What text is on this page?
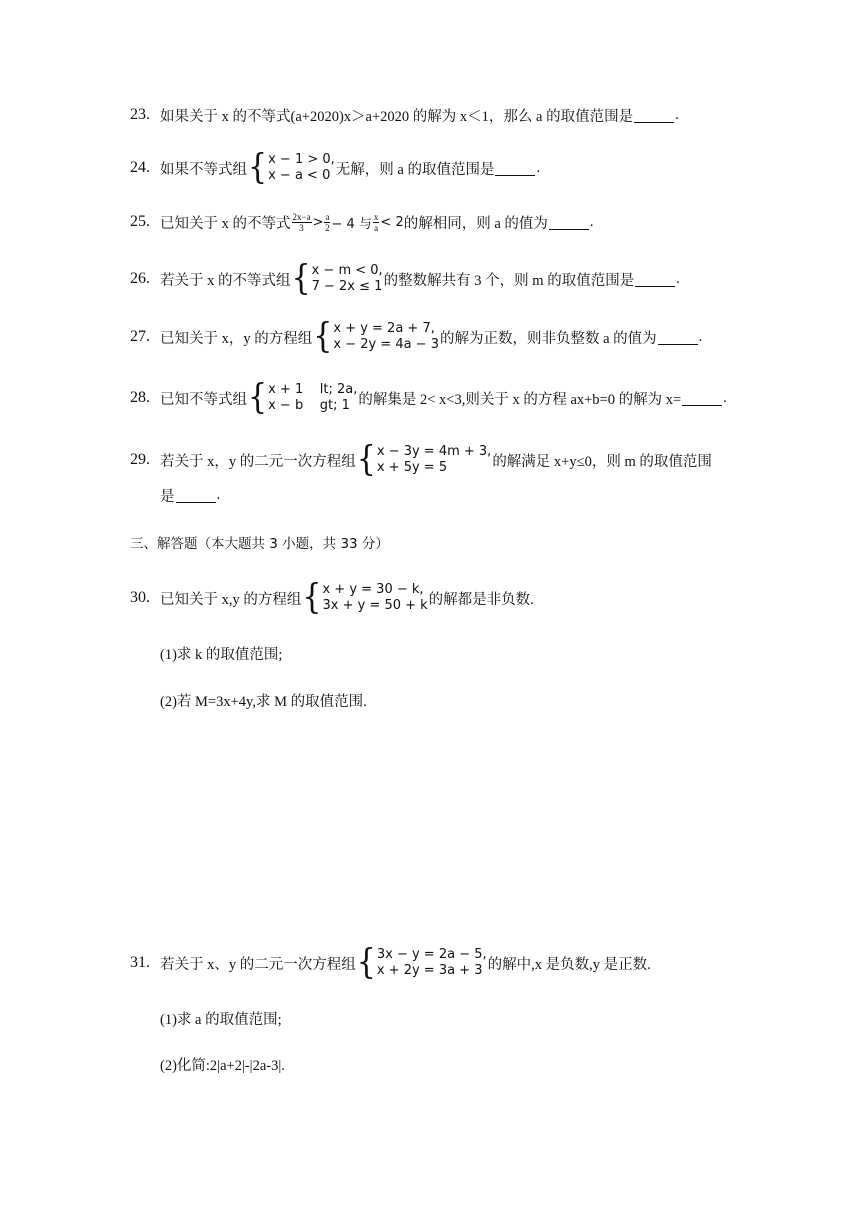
23. 如果关于 x 的不等式(a+2020)x＞a+2020 的解为 x＜1，那么 a 的取值范围是	.
24. 如果不等式组 { x − 1 > 0,
x − a < 0 无解，则 a 的取值范围是	.
25. 已知关于 x 的不等式 $\frac{2x-a}{3} > \frac{a}{2} - 4$ 与 $\frac{x}{a} < 2$ 的解相同，则 a 的值为	.
26. 若关于 x 的不等式组 { x − m < 0,
7 − 2x ≤ 1 的整数解共有 3 个，则 m 的取值范围是	.
27. 已知关于 x，y 的方程组 { x + y = 2a + 7,
x − 2y = 4a − 3 的解为正数，则非负整数 a 的值为	.
28. 已知不等式组 { x + 1    lt; 2a,
x − b    gt; 1 的解集是 2< x<3,则关于 x 的方程 ax+b=0 的解为 x=	.
29. 若关于 x，y 的二元一次方程组 { x − 3y = 4m + 3,
x + 5y = 5	的解满足 x+y≤0，则 m 的取值范围
是	.
三、解答题（本大题共 3 小题，共 33 分）
30. 已知关于 x,y 的方程组 { x + y = 30 − k,
3x + y = 50 + k 的解都是非负数.
(1)求 k 的取值范围;
(2)若 M=3x+4y,求 M 的取值范围.
31. 若关于 x、y 的二元一次方程组 { 3x − y = 2a − 5,
x + 2y = 3a + 3 的解中,x 是负数,y 是正数.
(1)求 a 的取值范围;
(2)化简:2|a+2|-|2a-3|.
